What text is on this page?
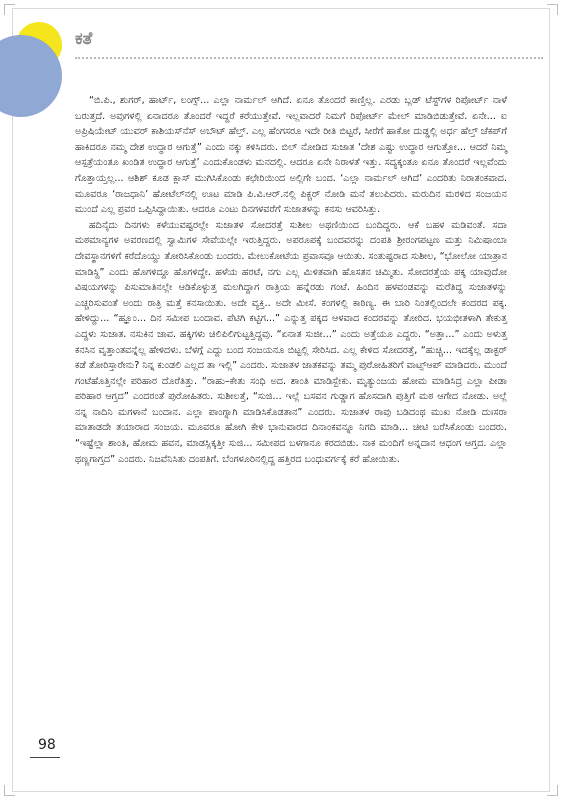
ಕತೆ

“ಬಿ.ಪಿ., ಶುಗರ್, ಹಾರ್ಟ್, ಲಂಗ್ಸ್... ಎಲ್ಲಾ ನಾರ್ಮಲ್ ಆಗಿದೆ. ಏನೂ ತೊಂದರೆ ಕಾಣ್ತಿಲ್ಲ. ಎರಡು ಬ್ಲಡ್ ಟೆಸ್ಟ್‌ಗಳ ರಿಪೋರ್ಟ್ ನಾಳೆ ಬರುತ್ತದೆ. ಅವುಗಳಲ್ಲಿ ಏನಾದರೂ ತೊಂದರೆ ಇದ್ದರೆ ಕರೆಯುತ್ತೇವೆ. ಇಲ್ಲವಾದರೆ ನಿಮಗೆ ರಿಪೋರ್ಟ್ ಮೇಲ್ ಮಾಡಿಬಿಡುತ್ತೇವೆ. ಏನೇ... ಐ ಅಪ್ರಿಷಿಯೇಟ್ ಯುವರ್ ಕಾಶಿಯಸ್‌ನೆಸ್ ಅಬೌಟ್ ಹೆಲ್ತ್. ಎಲ್ಲ ಹೆಂಗಸರೂ ಇದೇ ರೀತಿ ಬಿಟ್ಟರೆ, ಸೀರೆಗೆ ಹಾಕೋ ದುಡ್ಡಲ್ಲಿ ಅರ್ಧ ಹೆಲ್ತ್ ಚೆಕಪ್‌ಗೆ ಹಾಕಿದರೂ ನಮ್ಮ ದೇಶ ಉದ್ಧಾರ ಆಗುತ್ತೆ” ಎಂದು ನಕ್ಕು ಕಳಿಸಿದರು. ಬಿಲ್ ನೋಡಿದ ಸುಜಾತ ‘ದೇಶ ಎಷ್ಟು ಉದ್ಧಾರ ಆಗುತ್ತೋ... ಆದರೆ ನಿಮ್ಮ ಆಸ್ಪತ್ರೆಯಂತೂ ಖಂಡಿತ ಉದ್ಧಾರ ಆಗುತ್ತೆ’ ಎಂದುಕೊಂಡಳು ಮನದಲ್ಲಿ. ಆದರೂ ಏನೇ ನಿರಾಳತೆ ಇತ್ತು. ಸದ್ಯಕ್ಕಂತೂ ಏನೂ ತೊಂದರೆ ಇಲ್ಲವೆಂದು ಗೊತ್ತಾಯ್ತಲ್ಲ... ಆಶಿಶ್ ಕೂಡ ಕ್ಲಾಸ್ ಮುಗಿಸಿಕೊಂಡು ಕಛೇರಿಯಿಂದ ಅಲ್ಲಿಗೇ ಬಂದ. ‘ಎಲ್ಲಾ ನಾರ್ಮಲ್ ಆಗಿದೆ’ ಎಂದರಿತು ನಿರಾತಂಕವಾದ. ಮೂವರೂ ‘ರಾಜಧಾನಿ’ ಹೋಟೆಲ್‌ನಲ್ಲಿ ಊಟ ಮಾಡಿ ಪಿ.ವಿ.ಆರ್.ನಲ್ಲಿ ಪಿಕ್ಚರ್ ನೋಡಿ ಮನೆ ತಲುಪಿದರು. ಮರುದಿನ ಮರಳಿದ ಸಂಜಯನ ಮುಂದೆ ಎಲ್ಲ ಪ್ರವರ ಒಪ್ಪಿಸಿದ್ದಾಯಿತು. ಆದರೂ ಎಂಟು ದಿನಗಳವರೆಗೆ ಸುಜಾತಳನ್ನು ಕನಸು ಆವರಿಸಿತ್ತು.

ಹದಿನೈದು ದಿನಗಳು ಕಳೆಯುವಷ್ಟರಲ್ಲೇ ಸುಜಾತಳ ಸೋದರತ್ತೆ ಸುಶೀಲ ಅಥಣಿಯಿಂದ ಬಂದಿದ್ದರು. ಆಕೆ ಬಹಳ ಮಡಿವಂತೆ. ಸದಾ ಮಠಮಾನ್ಯಗಳ ಅವರಣದಲ್ಲಿ ಸ್ವಾಮಿಗಳ ಸೇವೆಯಲ್ಲೇ ಇರುತ್ತಿದ್ದರು. ಅಪರೂಪಕ್ಕೆ ಬಂದವರನ್ನು ದಂಪತಿ ಶ್ರೀರಂಗಪಟ್ಟಣ ಮತ್ತು ನಿಮಿಷಾಂಬಾ ದೇವಸ್ಥಾನಗಳಿಗೆ ಕರೆದೊಯ್ದು ತೋರಿಸಿಕೊಂಡು ಬಂದರು. ಮೇಲುಕೋಟೆಯ ಪ್ರವಾಸವೂ ಆಯಿತು. ಸಂತುಷ್ಟರಾದ ಸುಶೀಲ, “ಭೋಲೋ ಯಾತ್ರಾನ ಮಾಡಿಸ್ದಿ” ಎಂದು ಹೊಗಳಿದ್ದೂ ಹೊಗಳಿದ್ದೇ. ಹಳೆಯ ಹರಟೆ, ನಗು ಎಲ್ಲ ಮಿಳಿತವಾಗಿ ಹೊಸತನ ಚಿಮ್ಮಿತು. ಸೋದರತ್ತೆಯ ಪಕ್ಕ ಯಾವುದೋ ವಿಷಯಗಳನ್ನು ಪಿಸುಮಾತಿನಲ್ಲೇ ಆಡಿಕೊಳ್ಳುತ್ತ ಮಲಗಿದ್ದಾಗ ರಾತ್ರಿಯ ಹನ್ನೆರಡು ಗಂಟೆ. ಹಿಂದಿನ ಹಳವಂಡವನ್ನು ಮರೆತಿದ್ದ ಸುಜಾತಳನ್ನು ಎಚ್ಚರಿಸುವಂತೆ ಅಂದು ರಾತ್ರಿ ಮತ್ತೆ ಕನಸಾಯಿತು. ಅದೇ ವ್ಯಕ್ತಿ.. ಅದೇ ಮೀಸೆ. ಕಂಗಳಲ್ಲಿ ಕಾಠಿಣ್ಯ. ಈ ಬಾರಿ ನಿಂತಲ್ಲಿಂದಲೇ ಕಂದರದ ಪಕ್ಕ. ಹೇಳಿದ್ದು... “ಹ್ಞೂಂ... ದಿನ ಸಮೀಪ ಬಂದಾವ. ಪೆಟಿಗಿ ಕಟ್ಟಿಗ...” ಎನ್ನುತ್ತ ಪಕ್ಕದ ಆಳವಾದ ಕಂದರವನ್ನು ತೋರಿದ. ಭಯಭೀತಳಾಗಿ ತೇಕುತ್ತ ಎದ್ದಳು ಸುಜಾತ. ನಸುಕಿನ ಜಾವ. ಹಕ್ಕಿಗಳು ಚಿಲಿಪಿಲಿಗುಟ್ಟತ್ತಿದ್ದವು. “ಏನಾತ ಸುಜೀ...” ಎಂದು ಅತ್ತೆಯೂ ಎದ್ದರು. “ಅತ್ತಾ...” ಎಂದು ಅಳುತ್ತ ಕನಸಿನ ವೃತ್ತಾಂತವನ್ನೆಲ್ಲ ಹೇಳಿದಳು. ಬೆಳಗ್ಗೆ ಎದ್ದು ಬಂದ ಸಂಜಯನೂ ಬಿಟ್ಟಲ್ಲಿ ಸೇರಿಸಿದ. ಎಲ್ಲ ಕೇಳಿದ ಸೋದರತ್ತೆ, “ಹುಚ್ಚಿ... ಇದಕ್ಕೆಲ್ಲ ಡಾಕ್ಟರ್ ಕಡೆ ತೋರಿಸ್ತಾರೇನು? ನಿನ್ನ ಕುಂಡಲಿ ಎಲ್ಲದ ತಾ ಇಲ್ಲಿ” ಎಂದರು. ಸುಜಾತಳ ಜಾತಕವನ್ನು ತಮ್ಮ ಪುರೋಹಿತರಿಗೆ ವಾಟ್ಸ್‌ಆಪ್ ಮಾಡಿದರು. ಮುಂದೆ ಗಂಟೆಹೊತ್ತಿನಲ್ಲೇ ಪರಿಹಾರ ದೊರೆತಿತ್ತು. “ರಾಹು–ಕೇತು ಸಂಧಿ ಅದ. ಶಾಂತಿ ಮಾಡಿಸ್ಬೇಕು. ಮೃತ್ಯುಂಜಯ ಹೋಮ ಮಾಡಿಸಿದ್ರ ಎಲ್ಲಾ ಪೀಡಾ ಪರಿಹಾರ ಆಗ್ತದ” ಎಂದರಂತೆ ಪುರೋಹಿತರು. ಸುಶೀಲತ್ತೆ, “ಸುಜಿ... ಇಲ್ಲೆ ಬಸವನ ಗುಡ್ಡಾಗ ಹೊಸದಾಗಿ ಪುತ್ತಿಗೆ ಮಠ ಆಗೇದ ನೋಡು. ಅಲ್ಲೆ ನನ್ನ ನಾದಿನಿ ಮಗಳಾನೆ ಬಂದಾನ. ಎಲ್ಲಾ ಪಾಂಗ್ನಾಗಿ ಮಾಡಿಸಿಕೊಡತಾನ” ಎಂದರು. ಸುಜಾತಳ ರಾವು ಬಡಿದಂಥ ಮುಖ ನೋಡಿ ದುಃಸರಾ ಮಾತಾಡದೇ ತಯಾರಾದ ಸಂಜಯ. ಮೂವರೂ ಹೋಗಿ ಕೇಳಿ ಭಾನುವಾರದ ದಿನಾಂಕವನ್ನೂ ನಿಗದಿ ಮಾಡಿ... ಚೀಟಿ ಬರೆಸಿಕೊಂಡು ಬಂದರು. “ಇಷ್ಟೆಲ್ಲಾ ಶಾಂತಿ, ಹೋಮ ಹವನ, ಮಾಡಸ್ಲಿಕ್ಕತ್ತೀ ಸುಜಿ... ಸಮೀಪದ ಬಳಗಾನೂ ಕರದಬಿಡು. ನಾಕ ಮಂದಿಗೆ ಅನ್ನದಾನ ಆಧಂಗ ಆಗ್ತದ. ಎಲ್ಲಾ ಥಣ್ಣಗಾಗ್ತದ” ಎಂದರು. ನಿಜವೆನಿಸಿತು ದಂಪತಿಗೆ. ಬೆಂಗಳೂರಿನಲ್ಲಿದ್ದ ಹತ್ತಿರದ ಬಂಧುವರ್ಗಕ್ಕೆ ಕರೆ ಹೋಯಿತು.

98
